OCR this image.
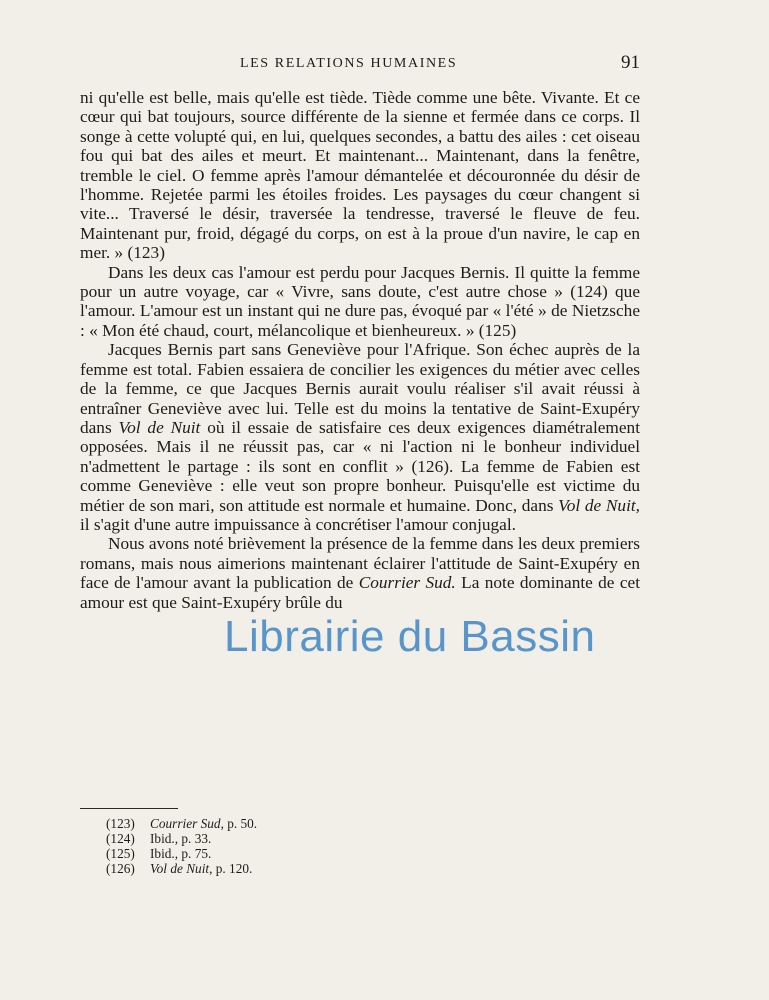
LES RELATIONS HUMAINES	91

ni qu'elle est belle, mais qu'elle est tiède. Tiède comme une bête. Vivante. Et ce cœur qui bat toujours, source différente de la sienne et fermée dans ce corps. Il songe à cette volupté qui, en lui, quelques secondes, a battu des ailes : cet oiseau fou qui bat des ailes et meurt. Et maintenant... Maintenant, dans la fenêtre, tremble le ciel. O femme après l'amour démantelée et découronnée du désir de l'homme. Rejetée parmi les étoiles froides. Les paysages du cœur changent si vite... Traversé le désir, traversée la tendresse, traversé le fleuve de feu. Maintenant pur, froid, dégagé du corps, on est à la proue d'un navire, le cap en mer. » (123)

Dans les deux cas l'amour est perdu pour Jacques Bernis. Il quitte la femme pour un autre voyage, car « Vivre, sans doute, c'est autre chose » (124) que l'amour. L'amour est un instant qui ne dure pas, évoqué par « l'été » de Nietzsche : « Mon été chaud, court, mélancolique et bienheureux. » (125)

Jacques Bernis part sans Geneviève pour l'Afrique. Son échec auprès de la femme est total. Fabien essaiera de concilier les exigences du métier avec celles de la femme, ce que Jacques Bernis aurait voulu réaliser s'il avait réussi à entraîner Geneviève avec lui. Telle est du moins la tentative de Saint-Exupéry dans Vol de Nuit où il essaie de satisfaire ces deux exigences diamétralement opposées. Mais il ne réussit pas, car « ni l'action ni le bonheur individuel n'admettent le partage : ils sont en conflit » (126). La femme de Fabien est comme Geneviève : elle veut son propre bonheur. Puisqu'elle est victime du métier de son mari, son attitude est normale et humaine. Donc, dans Vol de Nuit, il s'agit d'une autre impuissance à concrétiser l'amour conjugal.

Nous avons noté brièvement la présence de la femme dans les deux premiers romans, mais nous aimerions maintenant éclairer l'attitude de Saint-Exupéry en face de l'amour avant la publication de Courrier Sud. La note dominante de cet amour est que Saint-Exupéry brûle du

(123)	Courrier Sud, p. 50.
(124)	Ibid., p. 33.
(125)	Ibid., p. 75.
(126)	Vol de Nuit, p. 120.
Librairie du Bassin
